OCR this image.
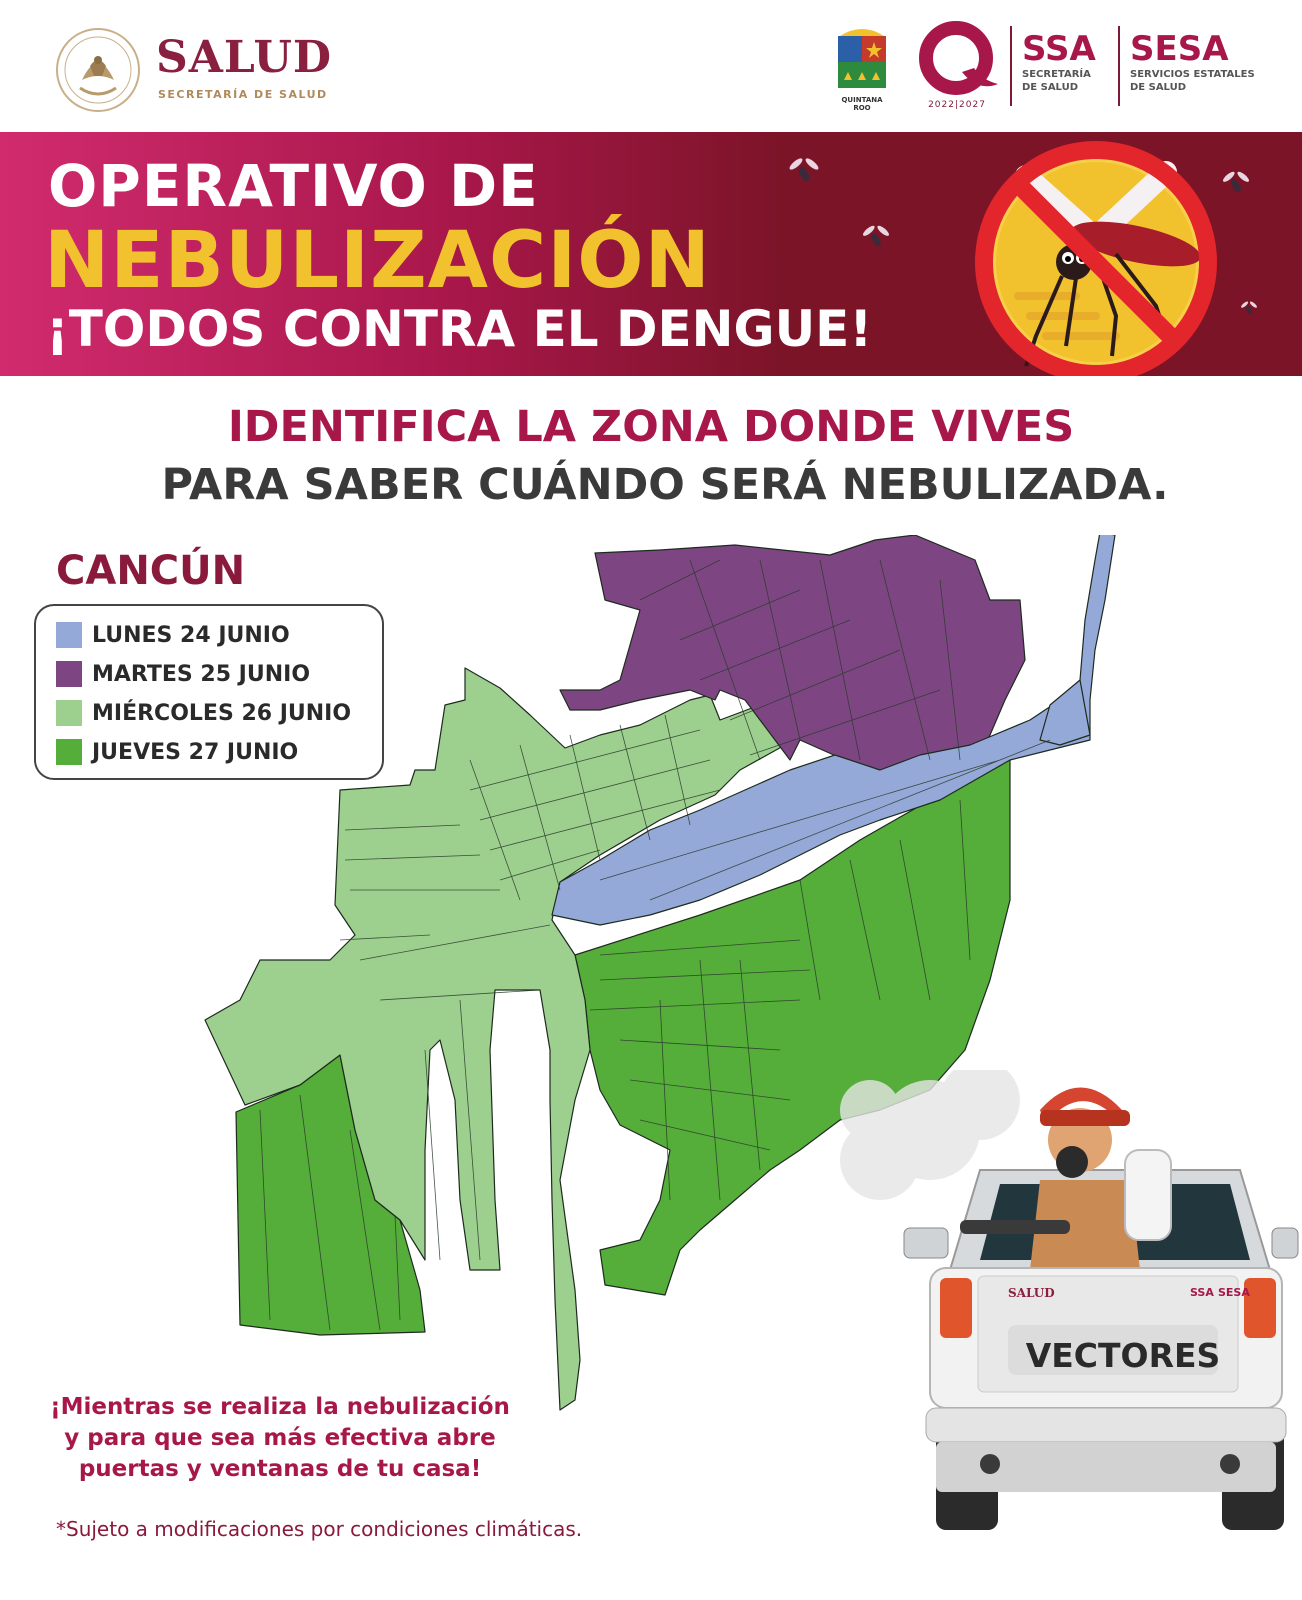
SALUD
SECRETARÍA DE SALUD	QUINTANA ROO	2022|2027
SSA
SECRETARÍA
DE SALUD
SESA
SERVICIOS ESTATALES
DE SALUD
OPERATIVO DE
NEBULIZACIÓN
¡TODOS CONTRA EL DENGUE!
IDENTIFICA LA ZONA DONDE VIVES
PARA SABER CUÁNDO SERÁ NEBULIZADA.
CANCÚN
LUNES 24 JUNIO
MARTES 25 JUNIO
MIÉRCOLES 26 JUNIO
JUEVES 27 JUNIO
¡Mientras se realiza la nebulización
y para que sea más efectiva abre
puertas y ventanas de tu casa!
*Sujeto a modificaciones por condiciones climáticas.
SALUD	SSA SESA
VECTORES
